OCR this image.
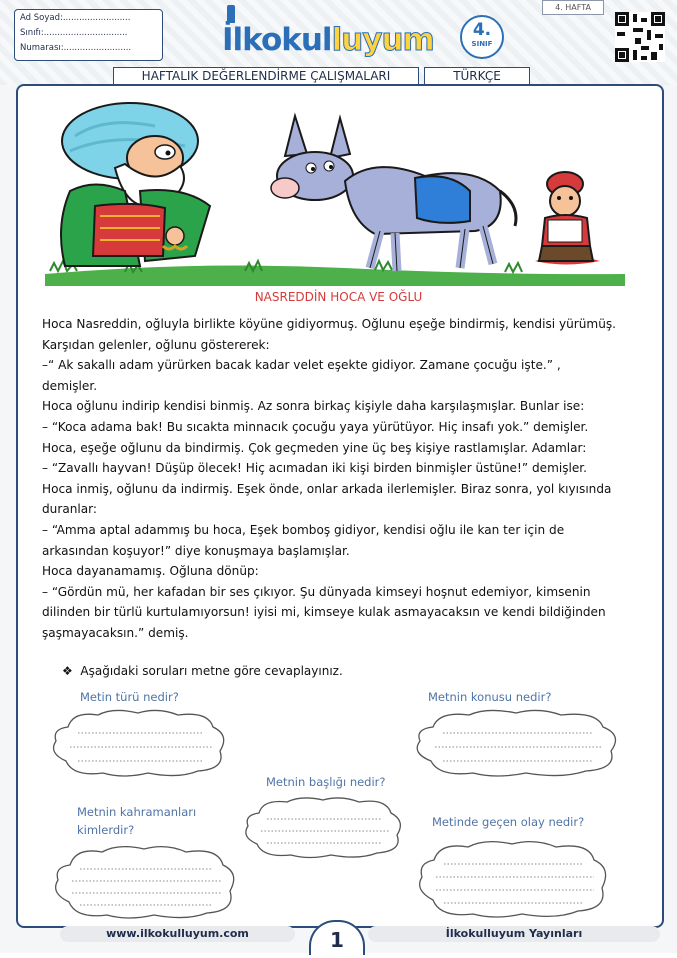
Ad Soyad:.........................
Sınıfı:...............................
Numarası:.........................	İlkokulluyum	4.
SINIF
4. HAFTA
HAFTALIK DEĞERLENDİRME ÇALIŞMALARI	TÜRKÇE
NASREDDİN HOCA VE OĞLU
Hoca Nasreddin, oğluyla birlikte köyüne gidiyormuş. Oğlunu eşeğe bindirmiş, kendisi yürümüş.
Karşıdan gelenler, oğlunu göstererek:
–“ Ak sakallı adam yürürken bacak kadar velet eşekte gidiyor. Zamane çocuğu işte.” ,
demişler.
Hoca oğlunu indirip kendisi binmiş. Az sonra birkaç kişiyle daha karşılaşmışlar. Bunlar ise:
– “Koca adama bak! Bu sıcakta minnacık çocuğu yaya yürütüyor. Hiç insafı yok.” demişler.
Hoca, eşeğe oğlunu da bindirmiş. Çok geçmeden yine üç beş kişiye rastlamışlar. Adamlar:
– “Zavallı hayvan! Düşüp ölecek! Hiç acımadan iki kişi birden binmişler üstüne!” demişler.
Hoca inmiş, oğlunu da indirmiş. Eşek önde, onlar arkada ilerlemişler. Biraz sonra, yol kıyısında
duranlar:
– “Amma aptal adammış bu hoca, Eşek bomboş gidiyor, kendisi oğlu ile kan ter için de
arkasından koşuyor!” diye konuşmaya başlamışlar.
Hoca dayanamamış. Oğluna dönüp:
– “Gördün mü, her kafadan bir ses çıkıyor. Şu dünyada kimseyi hoşnut edemiyor, kimsenin
dilinden bir türlü kurtulamıyorsun! iyisi mi, kimseye kulak asmayacaksın ve kendi bildiğinden
şaşmayacaksın.” demiş.
❖  Aşağıdaki soruları metne göre cevaplayınız.
Metin türü nedir?	Metnin konusu nedir?
Metnin başlığı nedir?
Metnin kahramanları
kimlerdir?
Metinde geçen olay nedir?
www.ilkokulluyum.com	İlkokulluyum Yayınları
1
